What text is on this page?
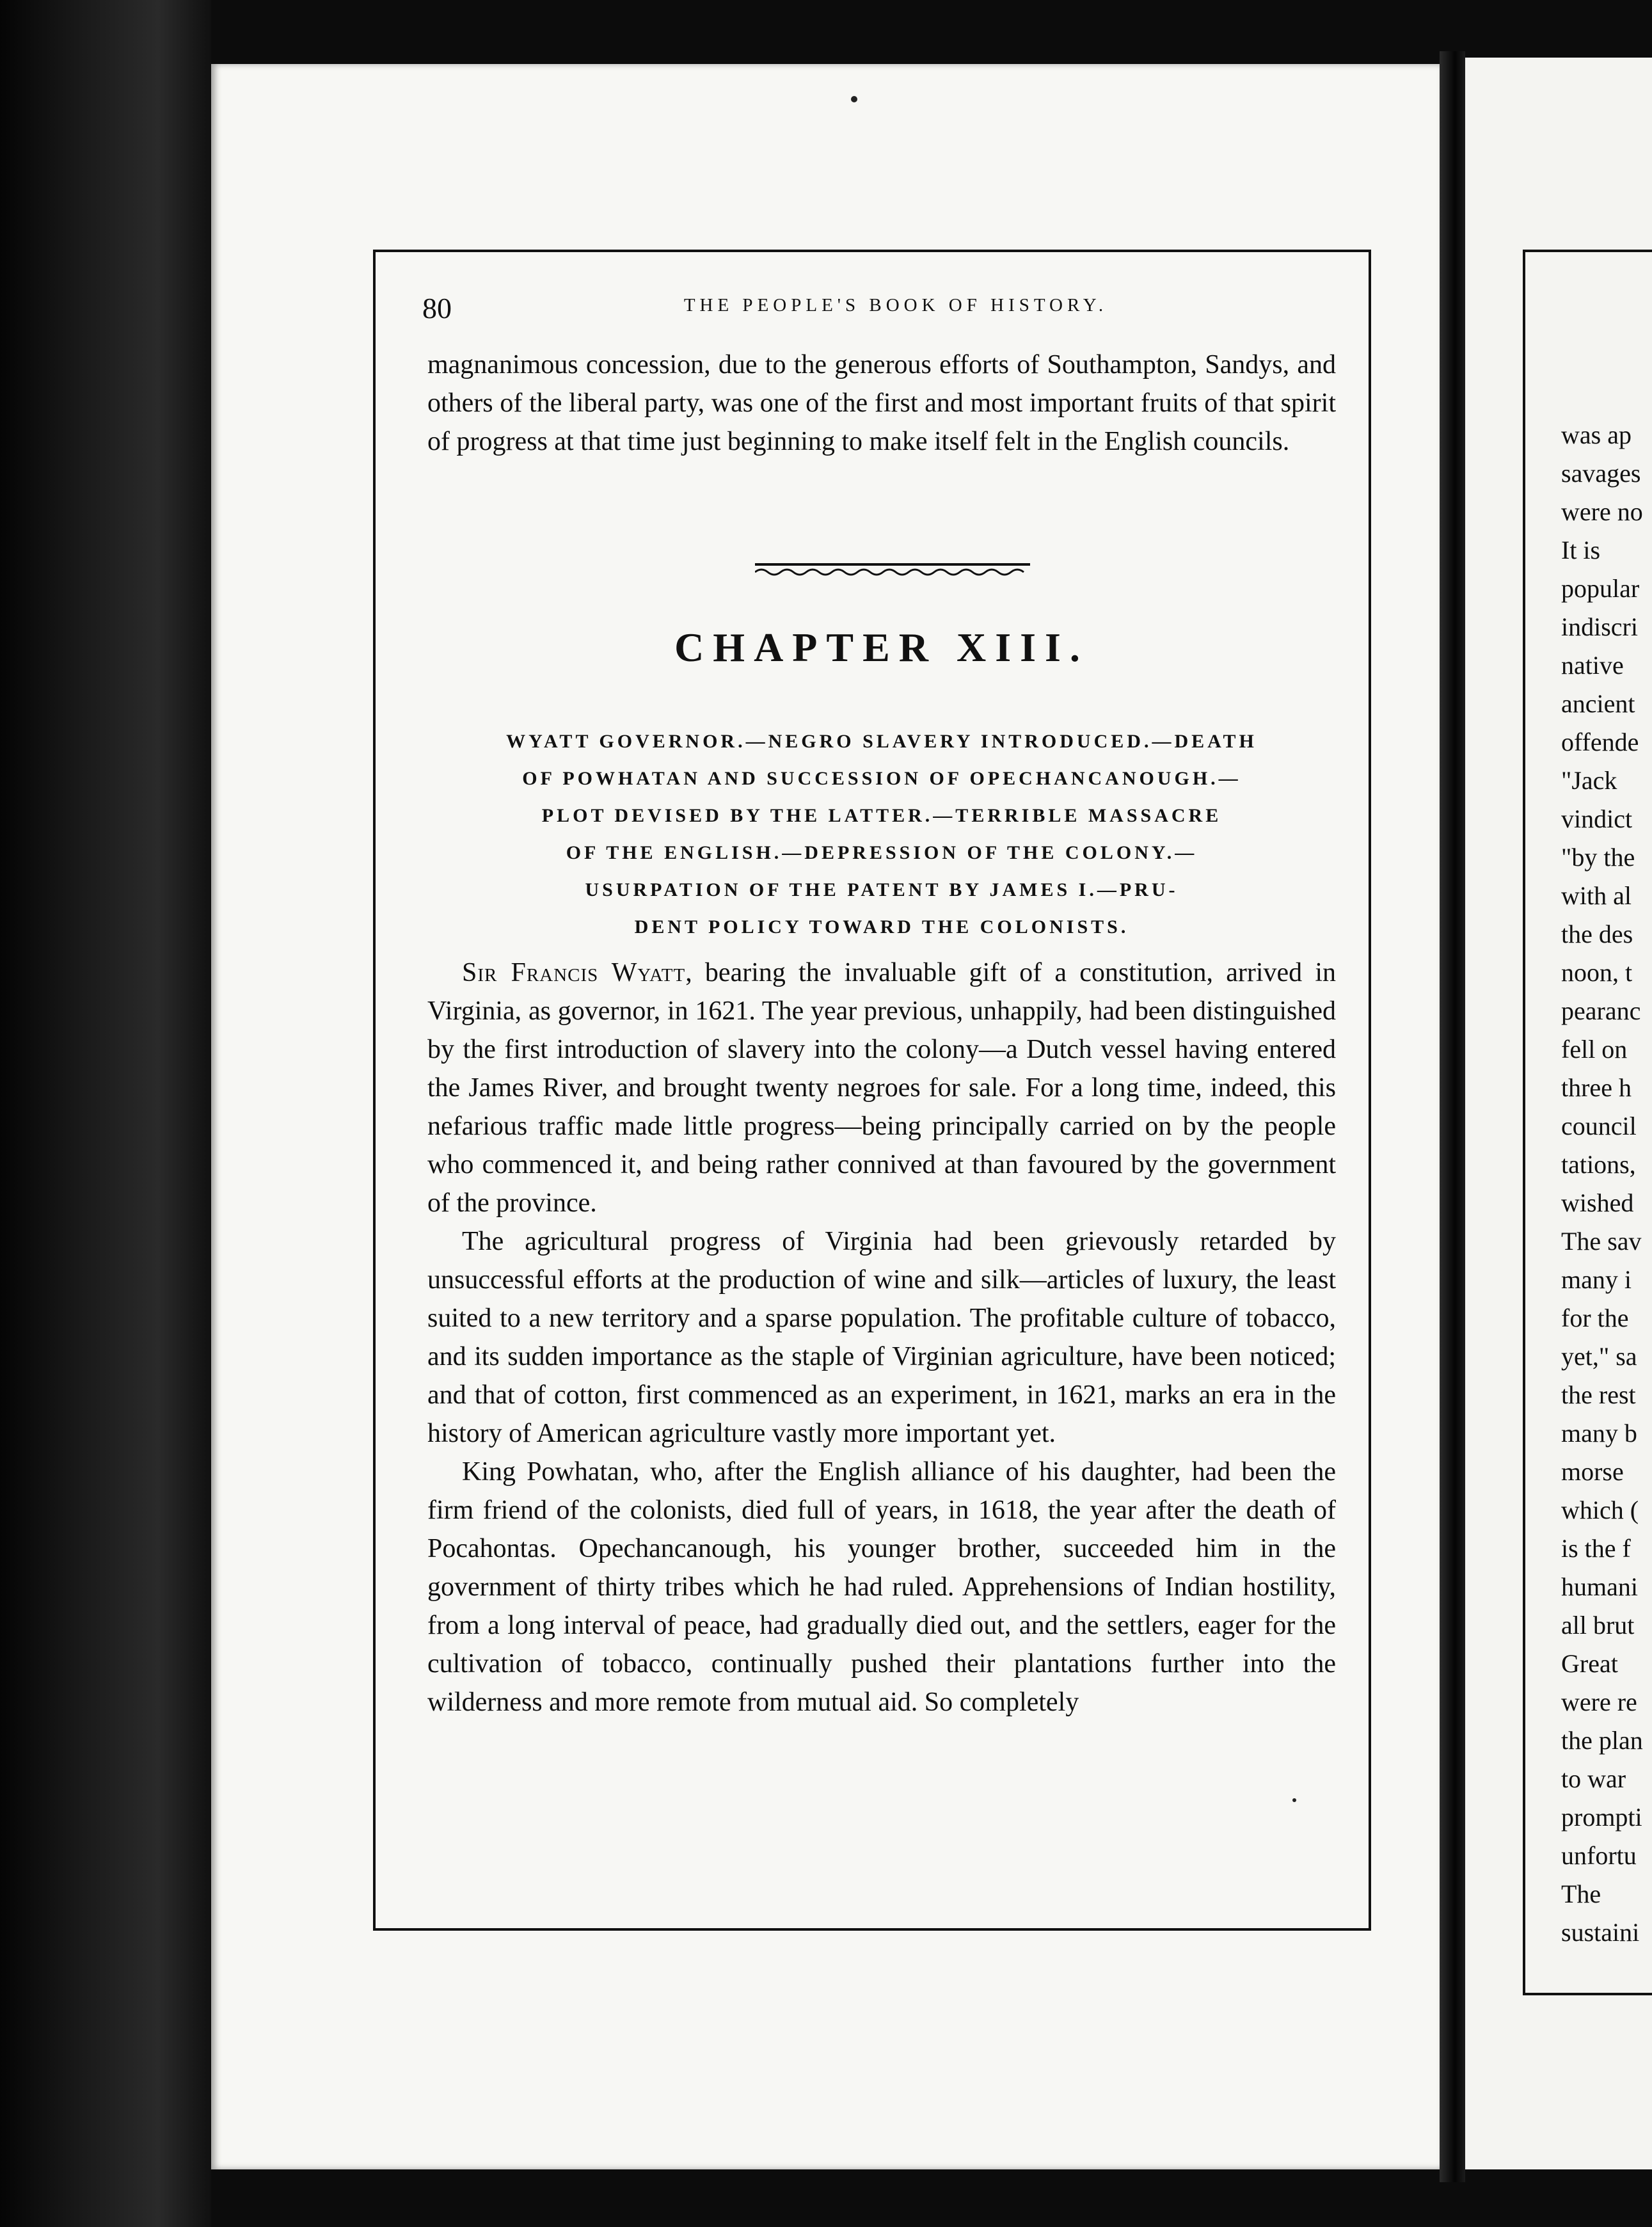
was ap
savages
were no
It is
popular
indiscri
native
ancient
offende
"Jack
vindict
"by the
with al
the des
noon, t
pearanc
fell on
three h
council
tations,
wished
The sav
many i
for the
yet," sa
the rest
many b
morse
which (
is the f
humani
all brut
Great
were re
the plan
to war
prompti
unfortu
The
sustaini
80	THE PEOPLE'S BOOK OF HISTORY.

magnanimous concession, due to the generous efforts of Southampton, Sandys, and others of the liberal party, was one of the first and most important fruits of that spirit of progress at that time just beginning to make itself felt in the English councils.

CHAPTER XIII.
WYATT GOVERNOR.—NEGRO SLAVERY INTRODUCED.—DEATH
OF POWHATAN AND SUCCESSION OF OPECHANCANOUGH.—
PLOT DEVISED BY THE LATTER.—TERRIBLE MASSACRE
OF THE ENGLISH.—DEPRESSION OF THE COLONY.—
USURPATION OF THE PATENT BY JAMES I.—PRU-
DENT POLICY TOWARD THE COLONISTS.

Sir Francis Wyatt, bearing the invaluable gift of a constitution, arrived in Virginia, as governor, in 1621. The year previous, unhappily, had been distinguished by the first introduction of slavery into the colony—a Dutch vessel having entered the James River, and brought twenty negroes for sale. For a long time, indeed, this nefarious traffic made little progress—being principally carried on by the people who commenced it, and being rather connived at than favoured by the government of the province.

The agricultural progress of Virginia had been grievously retarded by unsuccessful efforts at the production of wine and silk—articles of luxury, the least suited to a new territory and a sparse population. The profitable culture of tobacco, and its sudden importance as the staple of Virginian agriculture, have been noticed; and that of cotton, first commenced as an experiment, in 1621, marks an era in the history of American agriculture vastly more important yet.

King Powhatan, who, after the English alliance of his daughter, had been the firm friend of the colonists, died full of years, in 1618, the year after the death of Pocahontas. Opechancanough, his younger brother, succeeded him in the government of thirty tribes which he had ruled. Apprehensions of Indian hostility, from a long interval of peace, had gradually died out, and the settlers, eager for the cultivation of tobacco, continually pushed their plantations further into the wilderness and more remote from mutual aid. So completely
